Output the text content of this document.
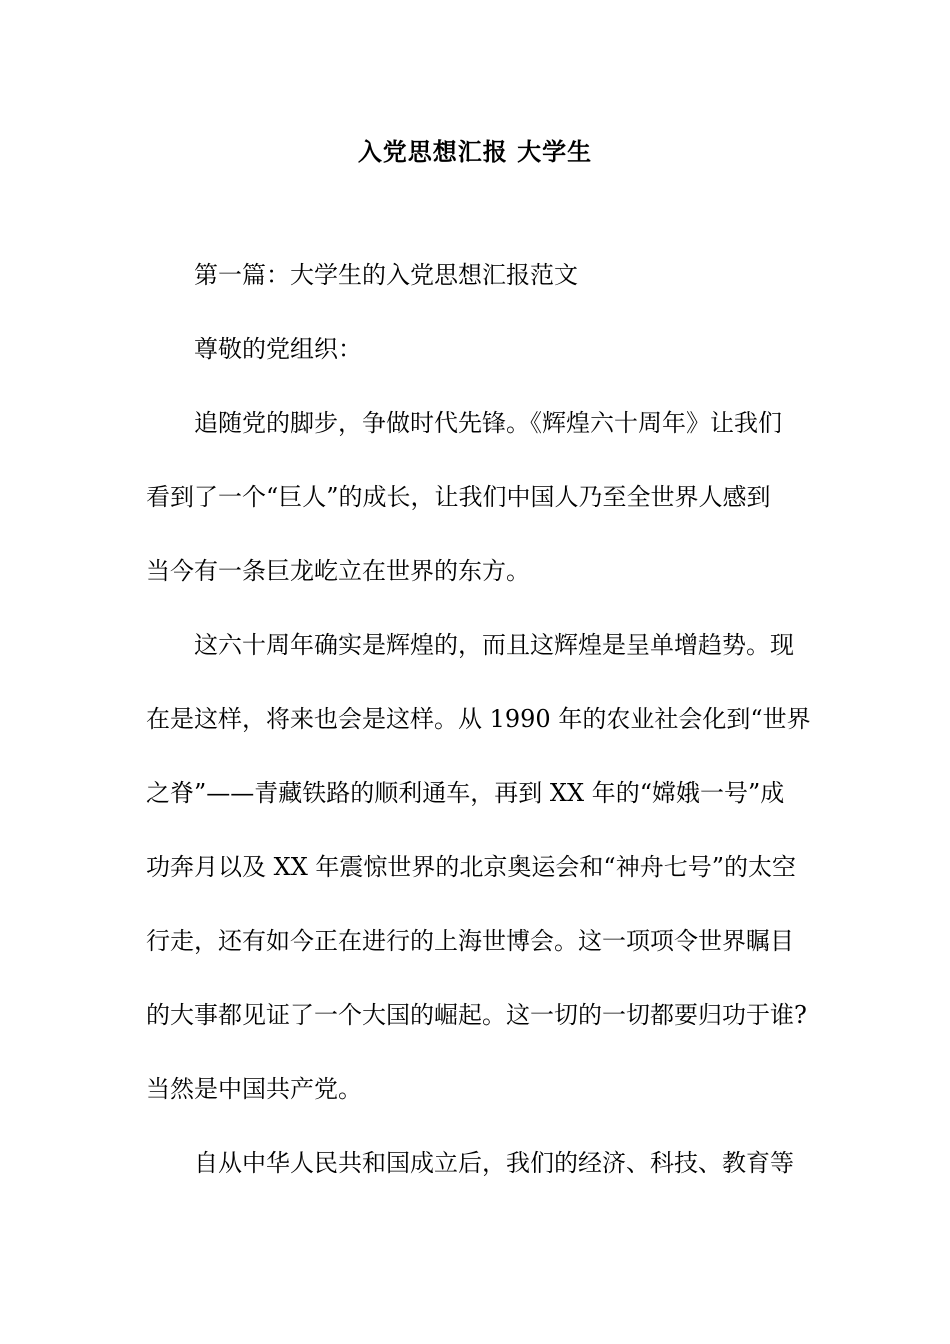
入党思想汇报 大学生
第一篇：大学生的入党思想汇报范文
尊敬的党组织：
追随党的脚步，争做时代先锋。《辉煌六十周年》让我们
看到了一个“巨人”的成长，让我们中国人乃至全世界人感到
当今有一条巨龙屹立在世界的东方。
这六十周年确实是辉煌的，而且这辉煌是呈单增趋势。现
在是这样，将来也会是这样。从 1990 年的农业社会化到“世界
之脊”——青藏铁路的顺利通车，再到 XX 年的“嫦娥一号”成
功奔月以及 XX 年震惊世界的北京奥运会和“神舟七号”的太空
行走，还有如今正在进行的上海世博会。这一项项令世界瞩目
的大事都见证了一个大国的崛起。这一切的一切都要归功于谁?
当然是中国共产党。
自从中华人民共和国成立后，我们的经济、科技、教育等
